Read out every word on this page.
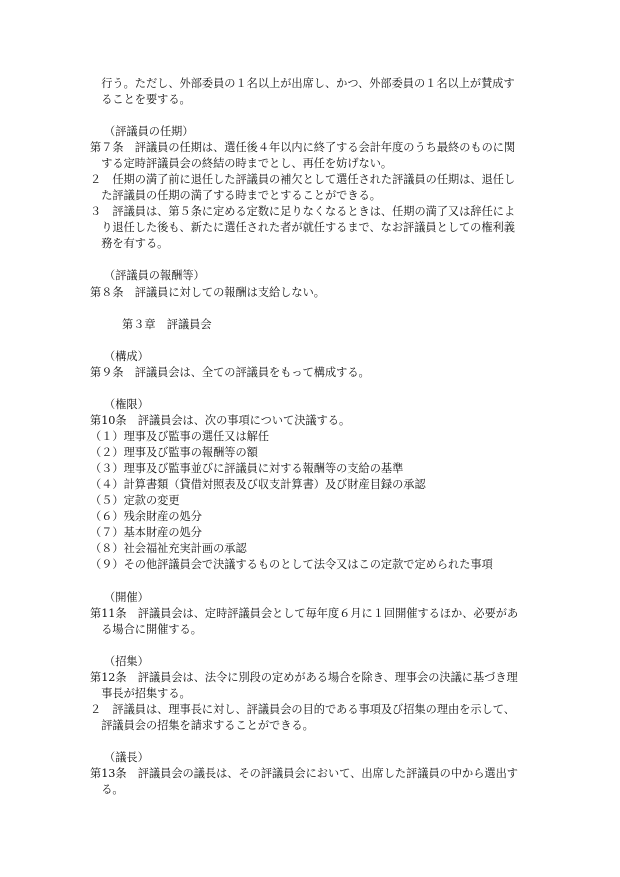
　行う。ただし、外部委員の１名以上が出席し、かつ、外部委員の１名以上が賛成す
　ることを要する。
（評議員の任期）
第７条　評議員の任期は、選任後４年以内に終了する会計年度のうち最終のものに関
　する定時評議員会の終結の時までとし、再任を妨げない。
２　任期の満了前に退任した評議員の補欠として選任された評議員の任期は、退任し
　た評議員の任期の満了する時までとすることができる。
３　評議員は、第５条に定める定数に足りなくなるときは、任期の満了又は辞任によ
　り退任した後も、新たに選任された者が就任するまで、なお評議員としての権利義
　務を有する。
（評議員の報酬等）
第８条　評議員に対しての報酬は支給しない。
第３章　評議員会
（構成）
第９条　評議員会は、全ての評議員をもって構成する。
（権限）
第10条　評議員会は、次の事項について決議する。
（１）理事及び監事の選任又は解任
（２）理事及び監事の報酬等の額
（３）理事及び監事並びに評議員に対する報酬等の支給の基準
（４）計算書類（貸借対照表及び収支計算書）及び財産目録の承認
（５）定款の変更
（６）残余財産の処分
（７）基本財産の処分
（８）社会福祉充実計画の承認
（９）その他評議員会で決議するものとして法令又はこの定款で定められた事項
（開催）
第11条　評議員会は、定時評議員会として毎年度６月に１回開催するほか、必要があ
　る場合に開催する。
（招集）
第12条　評議員会は、法令に別段の定めがある場合を除き、理事会の決議に基づき理
　事長が招集する。
２　評議員は、理事長に対し、評議員会の目的である事項及び招集の理由を示して、
　評議員会の招集を請求することができる。
（議長）
第13条　評議員会の議長は、その評議員会において、出席した評議員の中から選出す
　る。
